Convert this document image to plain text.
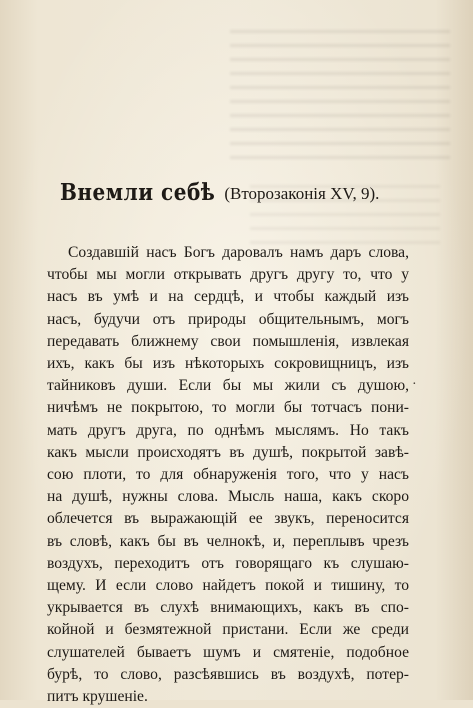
Внемли себѣ (Второзаконія XV, 9).
Создавшій насъ Богъ даровалъ намъ даръ слова,
чтобы мы могли открывать другъ другу то, что у
насъ въ умѣ и на сердцѣ, и чтобы каждый изъ
насъ, будучи отъ природы общительнымъ, могъ
передавать ближнему свои помышленія, извлекая
ихъ, какъ бы изъ нѣкоторыхъ сокровищницъ, изъ
тайниковъ души. Если бы мы жили съ душою,
ничѣмъ не покрытою, то могли бы тотчасъ пони-
мать другъ друга, по однѣмъ мыслямъ. Но такъ
какъ мысли происходятъ въ душѣ, покрытой завѣ-
сою плоти, то для обнаруженія того, что у насъ
на душѣ, нужны слова. Мысль наша, какъ скоро
облечется въ выражающій ее звукъ, переносится
въ словѣ, какъ бы въ челнокѣ, и, переплывъ чрезъ
воздухъ, переходитъ отъ говорящаго къ слушаю-
щему. И если слово найдетъ покой и тишину, то
укрывается въ слухѣ внимающихъ, какъ въ спо-
койной и безмятежной пристани. Если же среди
слушателей бываетъ шумъ и смятеніе, подобное
бурѣ, то слово, разсѣявшись въ воздухѣ, потер-
питъ крушеніе.
·
